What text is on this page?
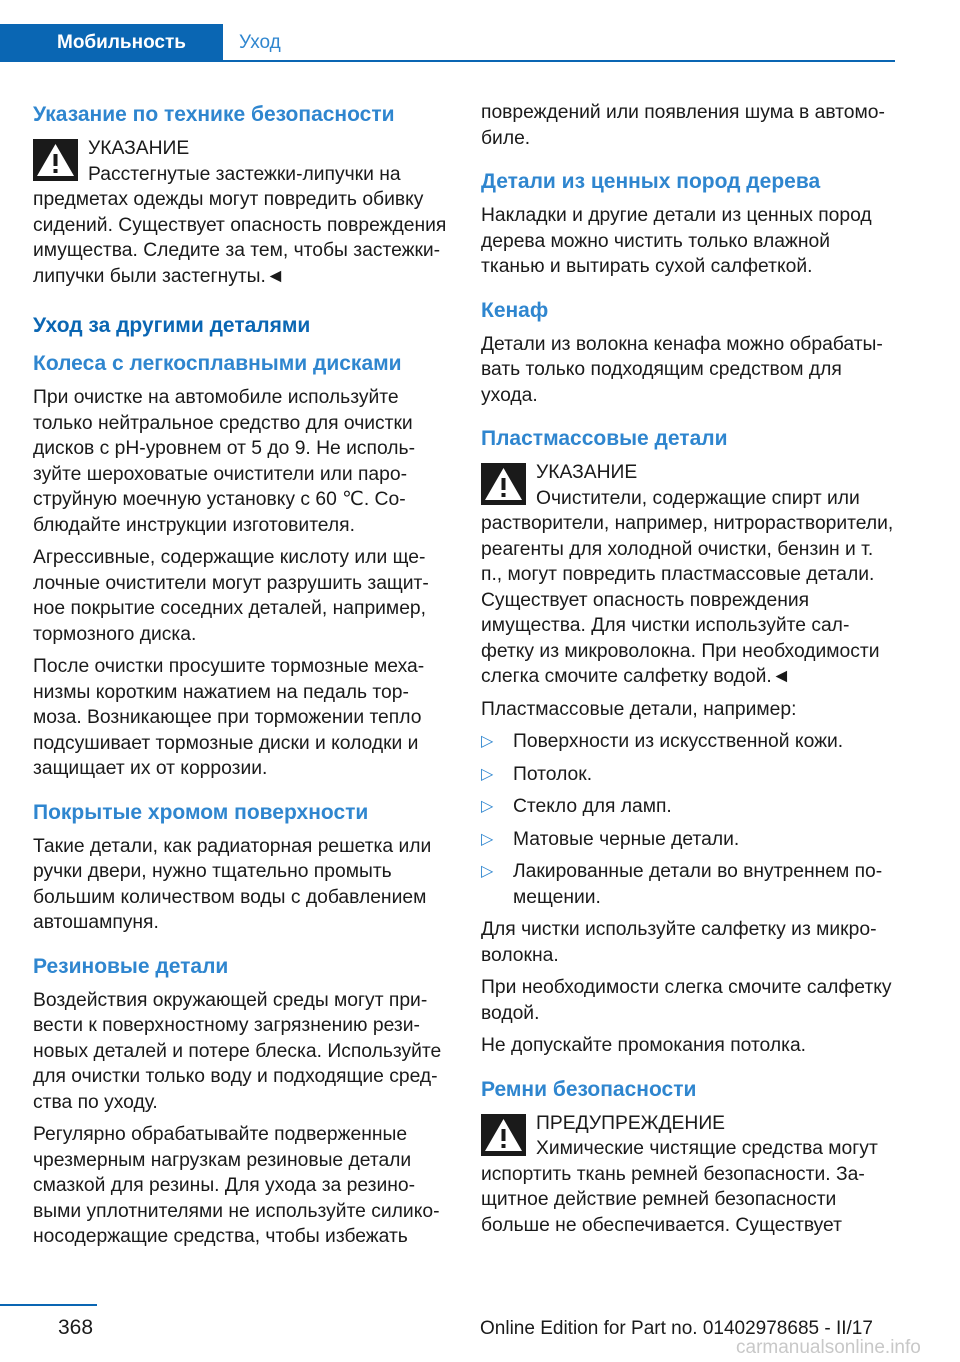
Мобильность	Уход
Указание по технике безопасности
УКАЗАНИЕ
Расстегнутые застежки-липучки на предметах одежды могут повредить обивку сидений. Существует опасность повреждения имущества. Следите за тем, чтобы застежки-липучки были застегнуты.◄
Уход за другими деталями
Колеса с легкосплавными дисками

При очистке на автомобиле используйте только нейтральное средство для очистки дисков с pH-уровнем от 5 до 9. Не используйте шероховатые очистители или пароструйную моечную установку с 60 ℃. Соблюдайте инструкции изготовителя.

Агрессивные, содержащие кислоту или щелочные очистители могут разрушить защитное покрытие соседних деталей, например, тормозного диска.

После очистки просушите тормозные механизмы коротким нажатием на педаль тормоза. Возникающее при торможении тепло подсушивает тормозные диски и колодки и защищает их от коррозии.

Покрытые хромом поверхности

Такие детали, как радиаторная решетка или ручки двери, нужно тщательно промыть большим количеством воды с добавлением автошампуня.

Резиновые детали

Воздействия окружающей среды могут привести к поверхностному загрязнению резиновых деталей и потере блеска. Используйте для очистки только воду и подходящие средства по уходу.

Регулярно обрабатывайте подверженные чрезмерным нагрузкам резиновые детали смазкой для резины. Для ухода за резиновыми уплотнителями не используйте силиконосодержащие средства, чтобы избежать

повреждений или появления шума в автомобиле.

Детали из ценных пород дерева

Накладки и другие детали из ценных пород дерева можно чистить только влажной тканью и вытирать сухой салфеткой.

Кенаф

Детали из волокна кенафа можно обрабатывать только подходящим средством для ухода.

Пластмассовые детали
УКАЗАНИЕ
Очистители, содержащие спирт или растворители, например, нитрорастворители, реагенты для холодной очистки, бензин и т. п., могут повредить пластмассовые детали. Существует опасность повреждения имущества. Для чистки используйте салфетку из микроволокна. При необходимости слегка смочите салфетку водой.◄

Пластмассовые детали, например:

▷ Поверхности из искусственной кожи.
▷ Потолок.
▷ Стекло для ламп.
▷ Матовые черные детали.
▷ Лакированные детали во внутреннем помещении.

Для чистки используйте салфетку из микроволокна.

При необходимости слегка смочите салфетку водой.

Не допускайте промокания потолка.

Ремни безопасности
ПРЕДУПРЕЖДЕНИЕ
Химические чистящие средства могут испортить ткань ремней безопасности. Защитное действие ремней безопасности больше не обеспечивается. Существует
368	Online Edition for Part no. 01402978685 - II/17
carmanualsonline.info
